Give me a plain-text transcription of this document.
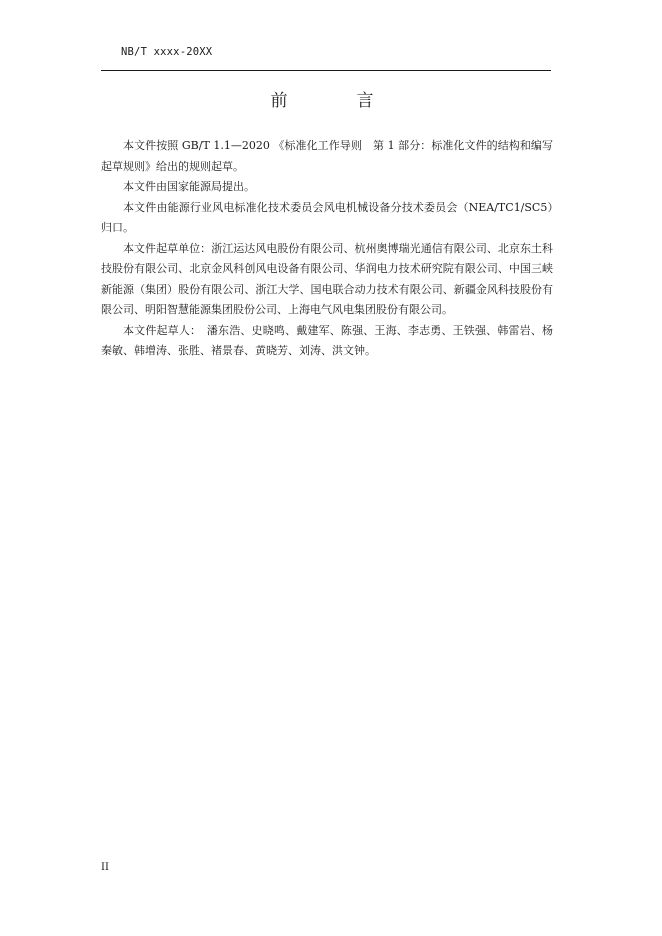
NB/T xxxx-20XX
前　言

本文件按照 GB/T 1.1—2020 《标准化工作导则　第 1 部分：标准化文件的结构和编写起草规则》给出的规则起草。

本文件由国家能源局提出。

本文件由能源行业风电标准化技术委员会风电机械设备分技术委员会（NEA/TC1/SC5）归口。

本文件起草单位：浙江运达风电股份有限公司、杭州奥博瑞光通信有限公司、北京东土科技股份有限公司、北京金风科创风电设备有限公司、华润电力技术研究院有限公司、中国三峡新能源（集团）股份有限公司、浙江大学、国电联合动力技术有限公司、新疆金风科技股份有限公司、明阳智慧能源集团股份公司、上海电气风电集团股份有限公司。

本文件起草人：　潘东浩、史晓鸣、戴建军、陈强、王海、李志勇、王铁强、韩雷岩、杨秦敏、韩增涛、张胜、褚景春、黄晓芳、刘涛、洪文钟。

II
